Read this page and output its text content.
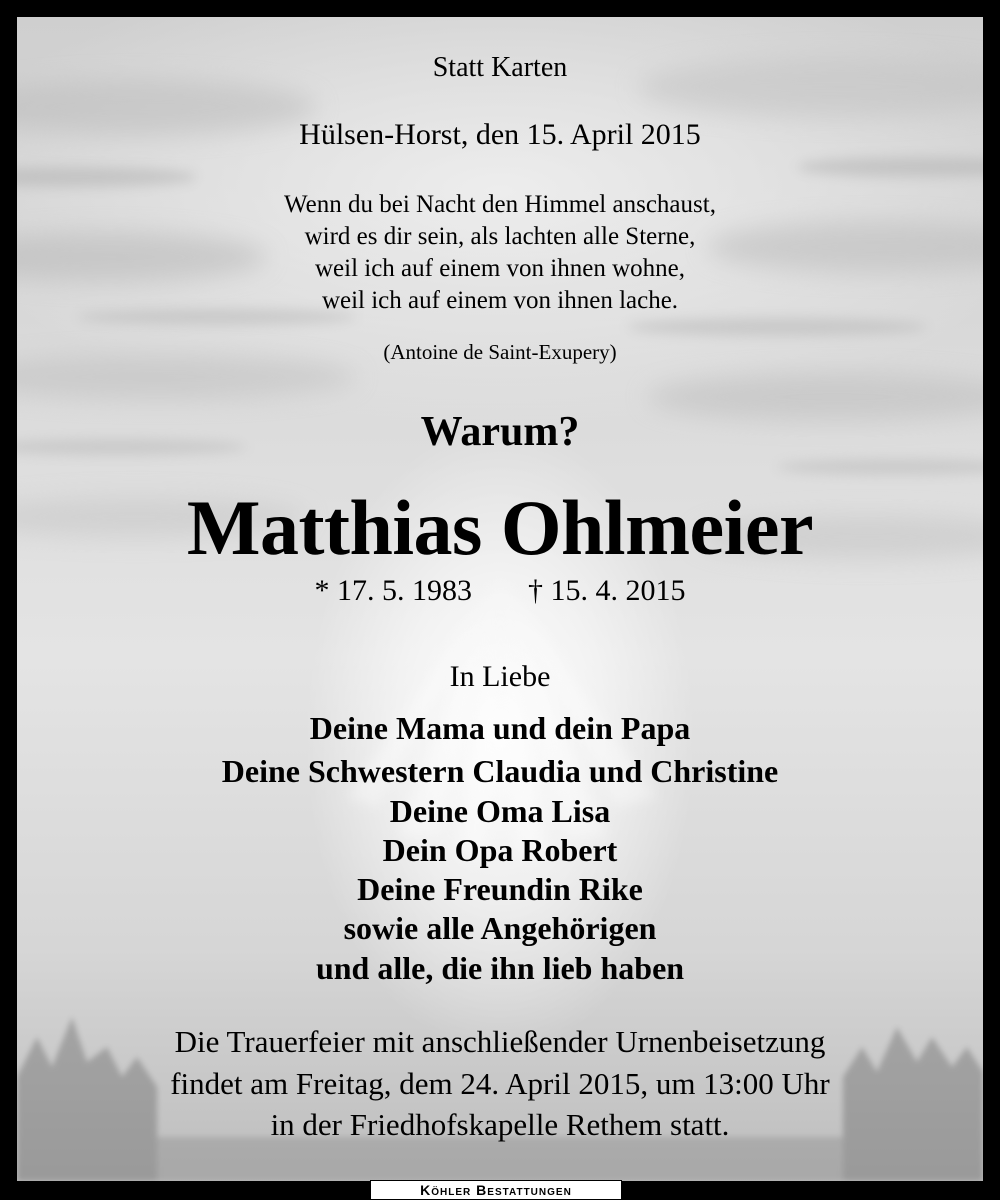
Statt Karten
Hülsen-Horst, den 15. April 2015
Wenn du bei Nacht den Himmel anschaust,
wird es dir sein, als lachten alle Sterne,
weil ich auf einem von ihnen wohne,
weil ich auf einem von ihnen lache.
(Antoine de Saint-Exupery)
Warum?
Matthias Ohlmeier
* 17. 5. 1983 † 15. 4. 2015
In Liebe
Deine Mama und dein Papa
Deine Schwestern Claudia und Christine
Deine Oma Lisa
Dein Opa Robert
Deine Freundin Rike
sowie alle Angehörigen
und alle, die ihn lieb haben
Die Trauerfeier mit anschließender Urnenbeisetzung
findet am Freitag, dem 24. April 2015, um 13:00 Uhr
in der Friedhofskapelle Rethem statt.
Köhler Bestattungen
